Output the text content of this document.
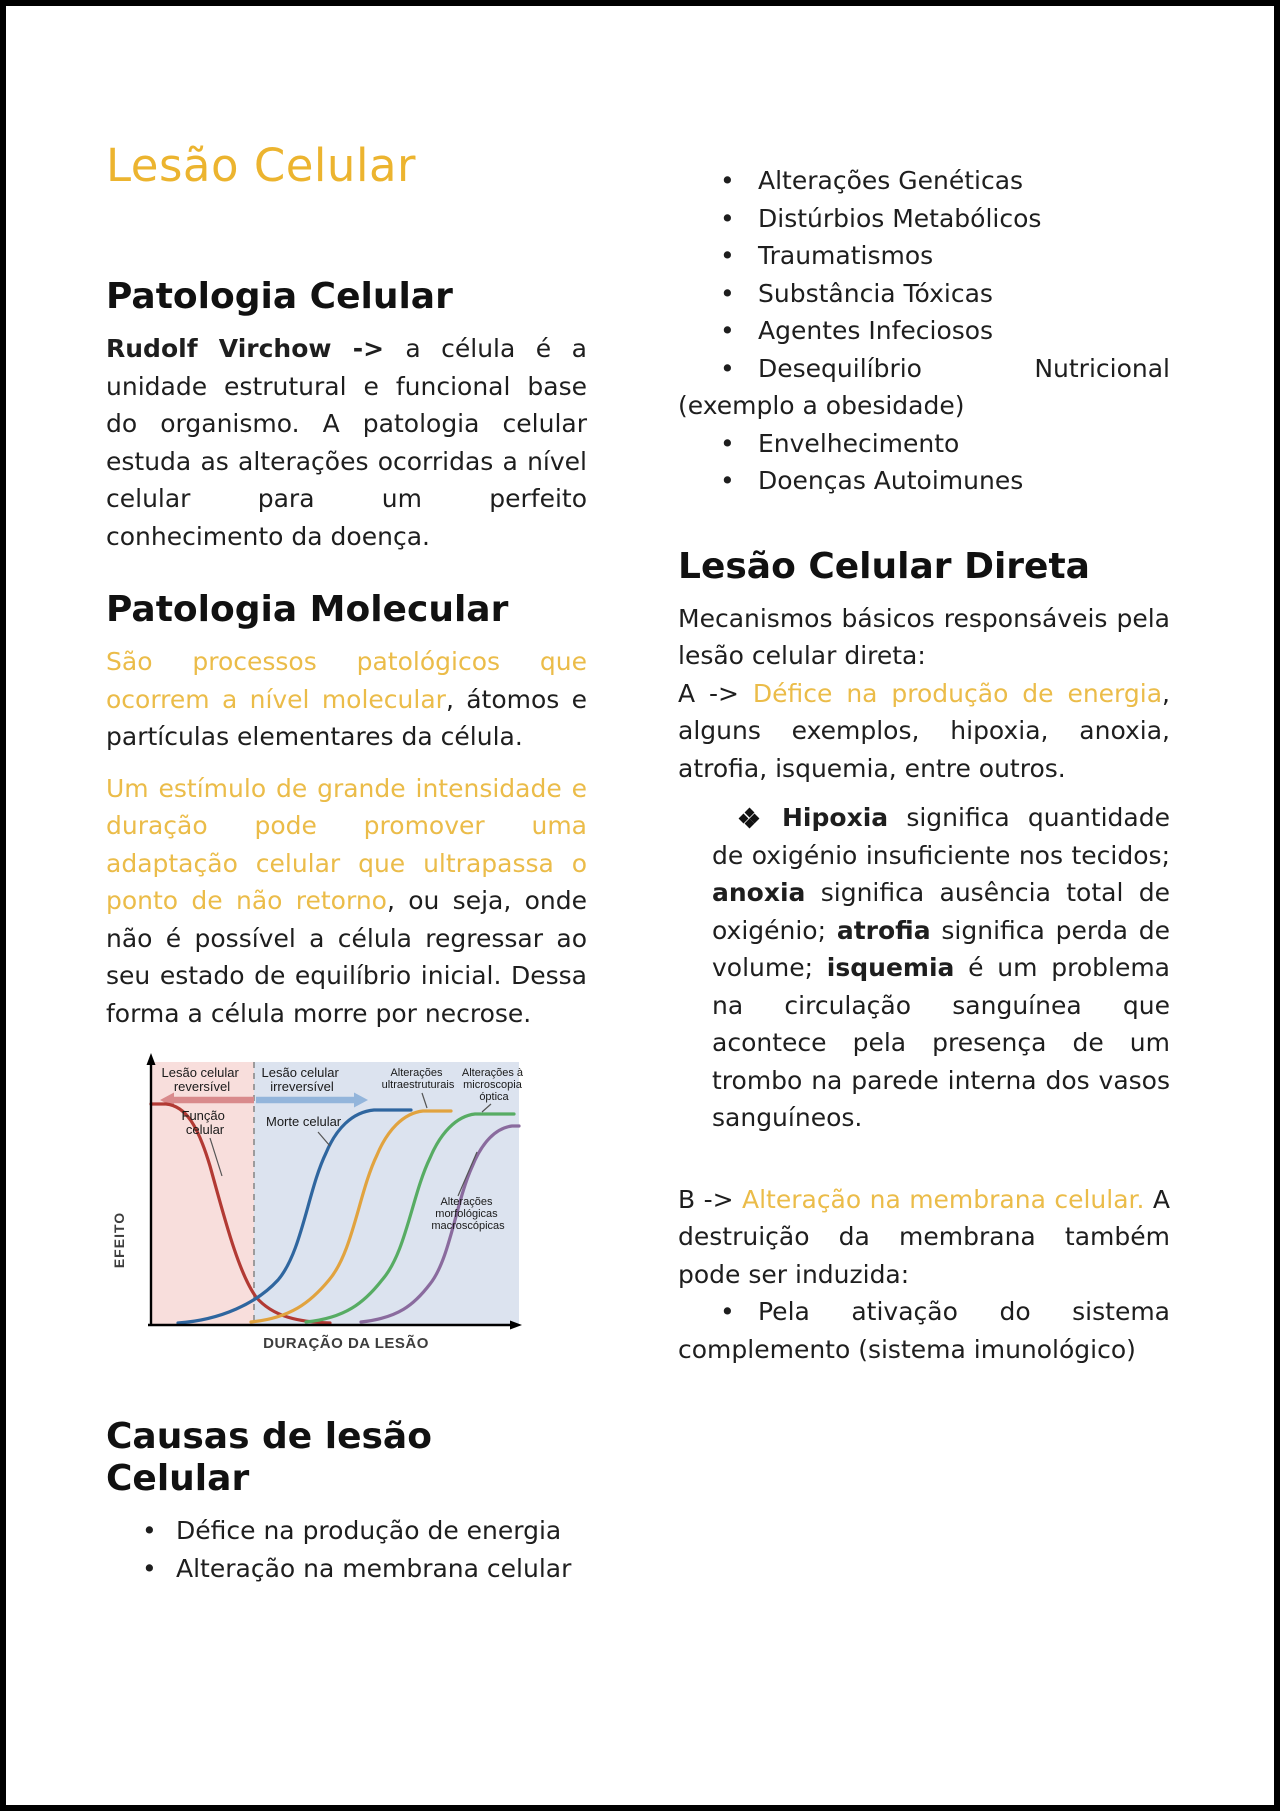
Lesão Celular
Patologia Celular

Rudolf Virchow -> a célula é a unidade estrutural e funcional base do organismo. A patologia celular estuda as alterações ocorridas a nível celular para um perfeito conhecimento da doença.

Patologia Molecular

São processos patológicos que ocorrem a nível molecular, átomos e partículas elementares da célula.

Um estímulo de grande intensidade e duração pode promover uma adaptação celular que ultrapassa o ponto de não retorno, ou seja, onde não é possível a célula regressar ao seu estado de equilíbrio inicial. Dessa forma a célula morre por necrose.

Lesão celular reversível
Lesão celular irreversível
Função celular
Morte celular
Alterações ultraestruturais
Alterações à microscopia óptica
Alterações morfológicas macroscópicas
EFEITO
DURAÇÃO DA LESÃO
Causas de lesão Celular

• Défice na produção de energia

• Alteração na membrana celular

• Alterações Genéticas

• Distúrbios Metabólicos

• Traumatismos

• Substância Tóxicas

• Agentes Infeciosos

• Desequilíbrio Nutricional (exemplo a obesidade)

• Envelhecimento

• Doenças Autoimunes

Lesão Celular Direta

Mecanismos básicos responsáveis pela lesão celular direta:

A -> Défice na produção de energia, alguns exemplos, hipoxia, anoxia, atrofia, isquemia, entre outros.

Hipoxia significa quantidade de oxigénio insuficiente nos tecidos; anoxia significa ausência total de oxigénio; atrofia significa perda de volume; isquemia é um problema na circulação sanguínea que acontece pela presença de um trombo na parede interna dos vasos sanguíneos.

B -> Alteração na membrana celular. A destruição da membrana também pode ser induzida:

• Pela ativação do sistema complemento (sistema imunológico)
